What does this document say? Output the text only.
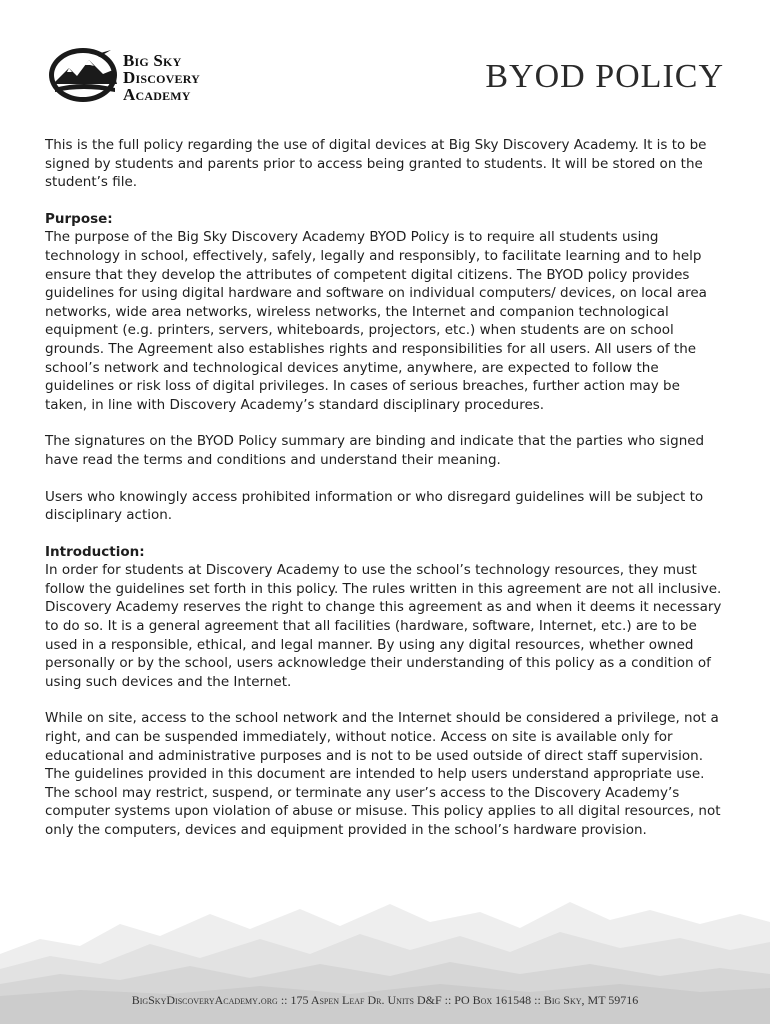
Big Sky
Discovery
Academy	BYOD POLICY

This is the full policy regarding the use of digital devices at Big Sky Discovery Academy. It is to be signed by students and parents prior to access being granted to students. It will be stored on the student’s file.

Purpose:
The purpose of the Big Sky Discovery Academy BYOD Policy is to require all students using technology in school, effectively, safely, legally and responsibly, to facilitate learning and to help ensure that they develop the attributes of competent digital citizens. The BYOD policy provides guidelines for using digital hardware and software on individual computers/ devices, on local area networks, wide area networks, wireless networks, the Internet and companion technological equipment (e.g. printers, servers, whiteboards, projectors, etc.) when students are on school grounds. The Agreement also establishes rights and responsibilities for all users. All users of the school’s network and technological devices anytime, anywhere, are expected to follow the guidelines or risk loss of digital privileges. In cases of serious breaches, further action may be taken, in line with Discovery Academy’s standard disciplinary procedures.

The signatures on the BYOD Policy summary are binding and indicate that the parties who signed have read the terms and conditions and understand their meaning.

Users who knowingly access prohibited information or who disregard guidelines will be subject to disciplinary action.

Introduction:
In order for students at Discovery Academy to use the school’s technology resources, they must follow the guidelines set forth in this policy. The rules written in this agreement are not all inclusive. Discovery Academy reserves the right to change this agreement as and when it deems it necessary to do so. It is a general agreement that all facilities (hardware, software, Internet, etc.) are to be used in a responsible, ethical, and legal manner. By using any digital resources, whether owned personally or by the school, users acknowledge their understanding of this policy as a condition of using such devices and the Internet.

While on site, access to the school network and the Internet should be considered a privilege, not a right, and can be suspended immediately, without notice. Access on site is available only for educational and administrative purposes and is not to be used outside of direct staff supervision. The guidelines provided in this document are intended to help users understand appropriate use. The school may restrict, suspend, or terminate any user’s access to the Discovery Academy’s computer systems upon violation of abuse or misuse. This policy applies to all digital resources, not only the computers, devices and equipment provided in the school’s hardware provision.

BigSkyDiscoveryAcademy.org :: 175 Aspen Leaf Dr. Units D&F :: PO Box 161548 :: Big Sky, MT 59716
